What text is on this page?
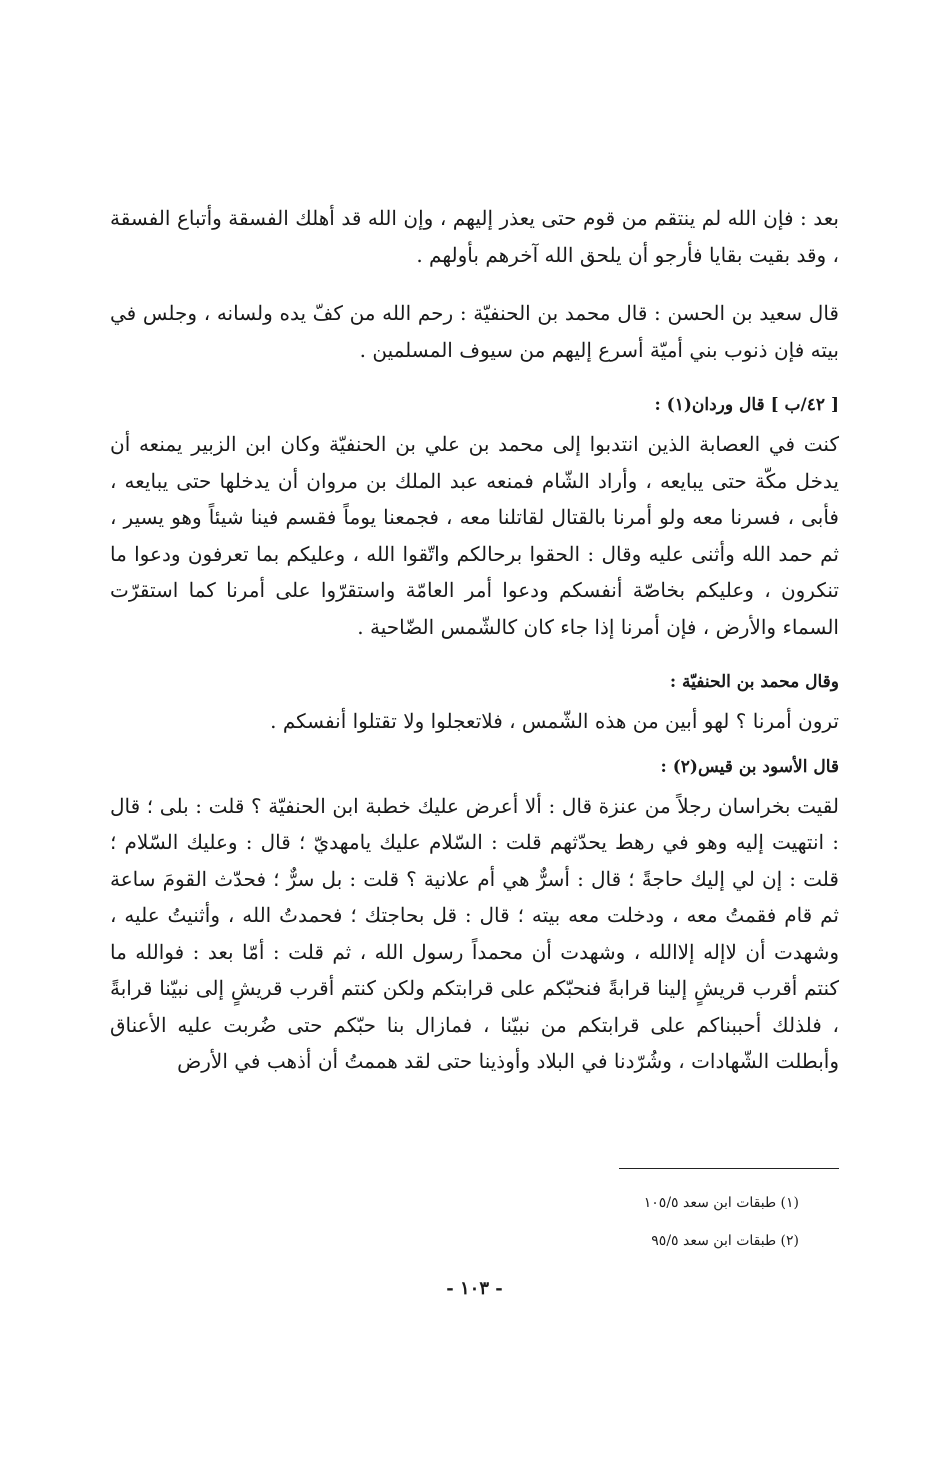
بعد : فإن الله لم ينتقم من قوم حتى يعذر إليهم ، وإن الله قد أهلك الفسقة وأتباع الفسقة ، وقد بقيت بقايا فأرجو أن يلحق الله آخرهم بأولهم .

قال سعيد بن الحسن : قال محمد بن الحنفيّة : رحم الله من كفّ يده ولسانه ، وجلس في بيته فإن ذنوب بني أميّة أسرع إليهم من سيوف المسلمين .

[ ٤٢/ب ] قال وردان(١) :

كنت في العصابة الذين انتدبوا إلى محمد بن علي بن الحنفيّة وكان ابن الزبير يمنعه أن يدخل مكّة حتى يبايعه ، وأراد الشّام فمنعه عبد الملك بن مروان أن يدخلها حتى يبايعه ، فأبى ، فسرنا معه ولو أمرنا بالقتال لقاتلنا معه ، فجمعنا يوماً فقسم فينا شيئاً وهو يسير ، ثم حمد الله وأثنى عليه وقال : الحقوا برحالكم واتّقوا الله ، وعليكم بما تعرفون ودعوا ما تنكرون ، وعليكم بخاصّة أنفسكم ودعوا أمر العامّة واستقرّوا على أمرنا كما استقرّت السماء والأرض ، فإن أمرنا إذا جاء كان كالشّمس الضّاحية .

وقال محمد بن الحنفيّة :

ترون أمرنا ؟ لهو أبين من هذه الشّمس ، فلاتعجلوا ولا تقتلوا أنفسكم .

قال الأسود بن قيس(٢) :

لقيت بخراسان رجلاً من عنزة قال : ألا أعرض عليك خطبة ابن الحنفيّة ؟ قلت : بلى ؛ قال : انتهيت إليه وهو في رهط يحدّثهم قلت : السّلام عليك يامهديّ ؛ قال : وعليك السّلام ؛ قلت : إن لي إليك حاجةً ؛ قال : أسرٌّ هي أم علانية ؟ قلت : بل سرٌّ ؛ فحدّث القومَ ساعة ثم قام فقمتُ معه ، ودخلت معه بيته ؛ قال : قل بحاجتك ؛ فحمدتُ الله ، وأثنيتُ عليه ، وشهدت أن لاإله إلاالله ، وشهدت أن محمداً رسول الله ، ثم قلت : أمّا بعد : فوالله ما كنتم أقرب قريشٍ إلينا قرابةً فنحبّكم على قرابتكم ولكن كنتم أقرب قريشٍ إلى نبيّنا قرابةً ، فلذلك أحببناكم على قرابتكم من نبيّنا ، فمازال بنا حبّكم حتى ضُربت عليه الأعناق وأبطلت الشّهادات ، وشُرّدنا في البلاد وأوذينا حتى لقد هممتُ أن أذهب في الأرض

(١) طبقات ابن سعد ١٠٥/٥
(٢) طبقات ابن سعد ٩٥/٥
- ١٠٣ -
